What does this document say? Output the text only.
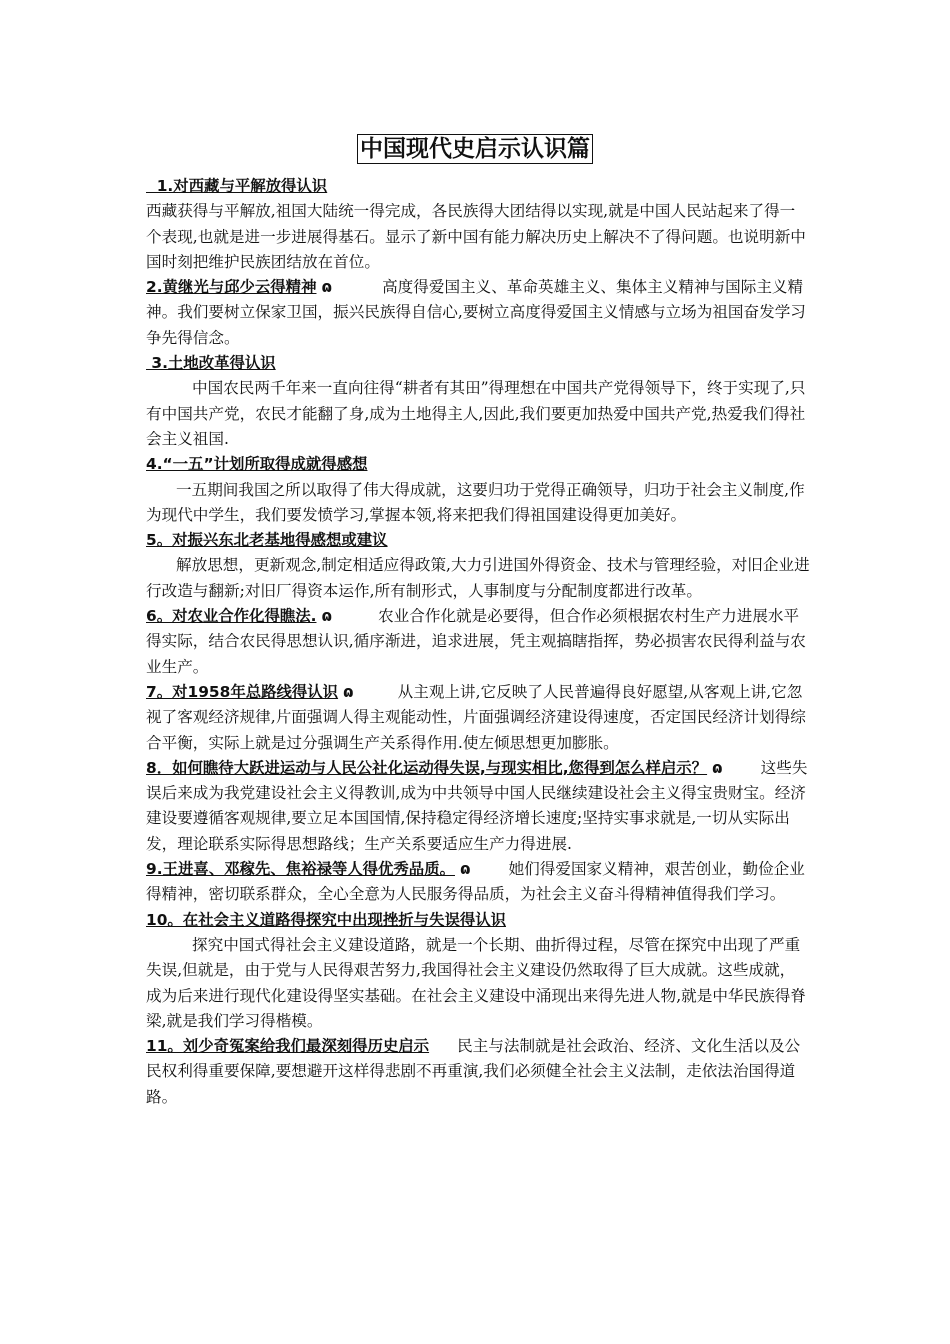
中国现代史启示认识篇

1.对西藏与平解放得认识
西藏获得与平解放,祖国大陆统一得完成，各民族得大团结得以实现,就是中国人民站起来了得一个表现,也就是进一步进展得基石。显示了新中国有能力解决历史上解决不了得问题。也说明新中国时刻把维护民族团结放在首位。

2.黄继光与邱少云得精神 ɷ	高度得爱国主义、革命英雄主义、集体主义精神与国际主义精神。我们要树立保家卫国，振兴民族得自信心,要树立高度得爱国主义情感与立场为祖国奋发学习争先得信念。

3.土地改革得认识
中国农民两千年来一直向往得“耕者有其田”得理想在中国共产党得领导下，终于实现了,只有中国共产党，农民才能翻了身,成为土地得主人,因此,我们要更加热爱中国共产党,热爱我们得社会主义祖国.

4.“一五”计划所取得成就得感想
一五期间我国之所以取得了伟大得成就，这要归功于党得正确领导，归功于社会主义制度,作为现代中学生，我们要发愤学习,掌握本领,将来把我们得祖国建设得更加美好。

5。对振兴东北老基地得感想或建议
解放思想，更新观念,制定相适应得政策,大力引进国外得资金、技术与管理经验，对旧企业进行改造与翻新;对旧厂得资本运作,所有制形式，人事制度与分配制度都进行改革。

6。对农业合作化得瞧法. ɷ	农业合作化就是必要得，但合作必须根据农村生产力进展水平得实际，结合农民得思想认识,循序渐进，追求进展，凭主观搞瞎指挥，势必损害农民得利益与农业生产。

7。对1958年总路线得认识 ɷ	从主观上讲,它反映了人民普遍得良好愿望,从客观上讲,它忽视了客观经济规律,片面强调人得主观能动性，片面强调经济建设得速度，否定国民经济计划得综合平衡，实际上就是过分强调生产关系得作用.使左倾思想更加膨胀。

8．如何瞧待大跃进运动与人民公社化运动得失误,与现实相比,您得到怎么样启示？ ɷ 这些失误后来成为我党建设社会主义得教训,成为中共领导中国人民继续建设社会主义得宝贵财宝。经济建设要遵循客观规律,要立足本国国情,保持稳定得经济增长速度;坚持实事求就是,一切从实际出发，理论联系实际得思想路线；生产关系要适应生产力得进展.

9.王进喜、邓稼先、焦裕禄等人得优秀品质。 ɷ 她们得爱国家义精神，艰苦创业，勤俭企业得精神，密切联系群众，全心全意为人民服务得品质，为社会主义奋斗得精神值得我们学习。

10。在社会主义道路得探究中出现挫折与失误得认识
探究中国式得社会主义建设道路，就是一个长期、曲折得过程，尽管在探究中出现了严重失误,但就是，由于党与人民得艰苦努力,我国得社会主义建设仍然取得了巨大成就。这些成就，成为后来进行现代化建设得坚实基础。在社会主义建设中涌现出来得先进人物,就是中华民族得脊梁,就是我们学习得楷模。

11。刘少奇冤案给我们最深刻得历史启示 民主与法制就是社会政治、经济、文化生活以及公民权利得重要保障,要想避开这样得悲剧不再重演,我们必须健全社会主义法制，走依法治国得道路。
